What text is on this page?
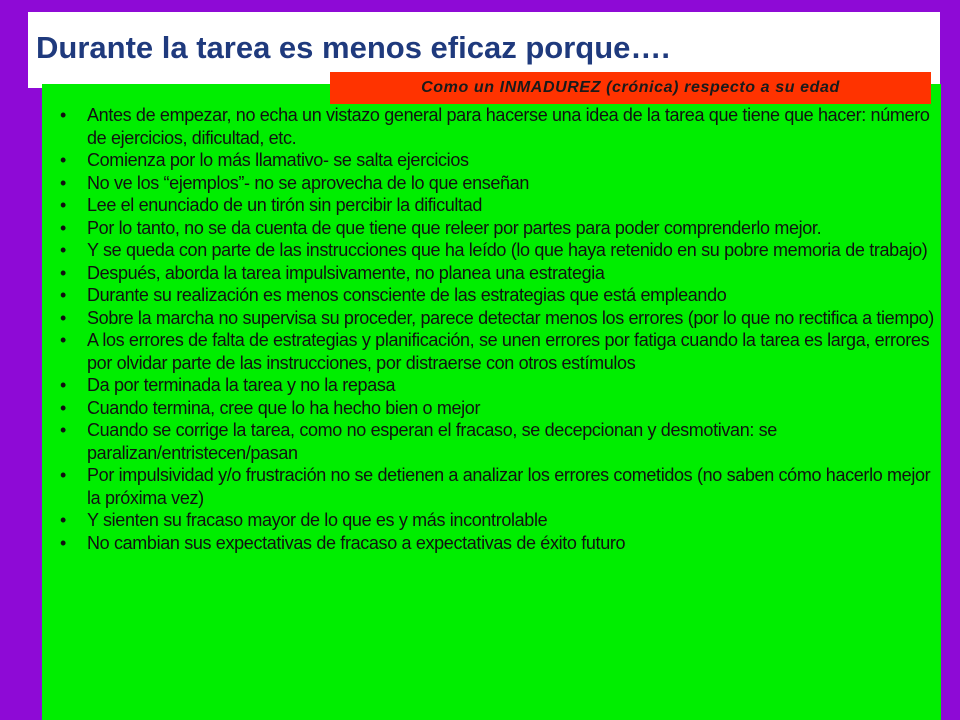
Durante la tarea es menos eficaz porque….
• Antes de empezar, no echa un vistazo general para hacerse una idea de la tarea que tiene que hacer: número de ejercicios, dificultad, etc.
• Comienza por lo más llamativo- se salta ejercicios
• No ve los “ejemplos”- no se aprovecha de lo que enseñan
• Lee el enunciado de un tirón sin percibir la dificultad
• Por lo tanto, no se da cuenta de que tiene que releer por partes para poder comprenderlo mejor.
• Y se queda con parte de las instrucciones que ha leído (lo que haya retenido en su pobre memoria de trabajo)
• Después, aborda la tarea impulsivamente, no planea una estrategia
• Durante su realización es menos consciente de las estrategias que está empleando
• Sobre la marcha no supervisa su proceder, parece detectar menos los errores (por lo que no rectifica a tiempo)
• A los errores de falta de estrategias y planificación, se unen errores por fatiga cuando la tarea es larga, errores por olvidar parte de las instrucciones, por distraerse con otros estímulos
• Da por terminada la tarea y no la repasa
• Cuando termina, cree que lo ha hecho bien o mejor
• Cuando se corrige la tarea, como no esperan el fracaso, se decepcionan y desmotivan: se paralizan/entristecen/pasan
• Por impulsividad y/o frustración no se detienen a analizar los errores cometidos (no saben cómo hacerlo mejor la próxima vez)
• Y sienten su fracaso mayor de lo que es y más incontrolable
• No cambian sus expectativas de fracaso a expectativas de éxito futuro
Como un INMADUREZ (crónica) respecto a su edad
